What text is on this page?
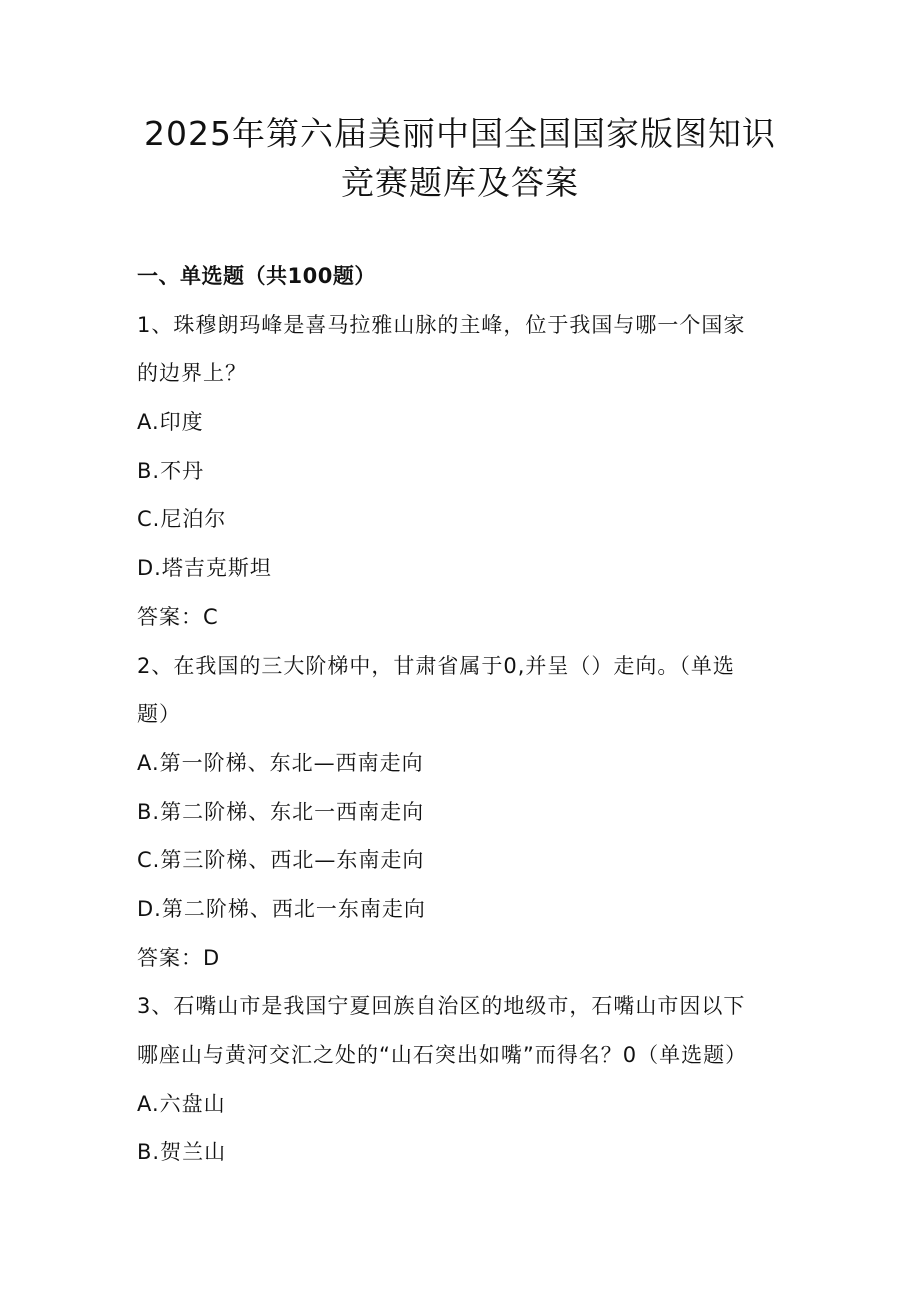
2025年第六届美丽中国全国国家版图知识
竞赛题库及答案
一、单选题（共100题）
1、珠穆朗玛峰是喜马拉雅山脉的主峰，位于我国与哪一个国家
的边界上？
A.印度
B.不丹
C.尼泊尔
D.塔吉克斯坦
答案：C
2、在我国的三大阶梯中，甘肃省属于0,并呈（）走向。（单选
题）
A.第一阶梯、东北—西南走向
B.第二阶梯、东北一西南走向
C.第三阶梯、西北—东南走向
D.第二阶梯、西北一东南走向
答案：D
3、石嘴山市是我国宁夏回族自治区的地级市，石嘴山市因以下
哪座山与黄河交汇之处的“山石突出如嘴”而得名？0（单选题）
A.六盘山
B.贺兰山
